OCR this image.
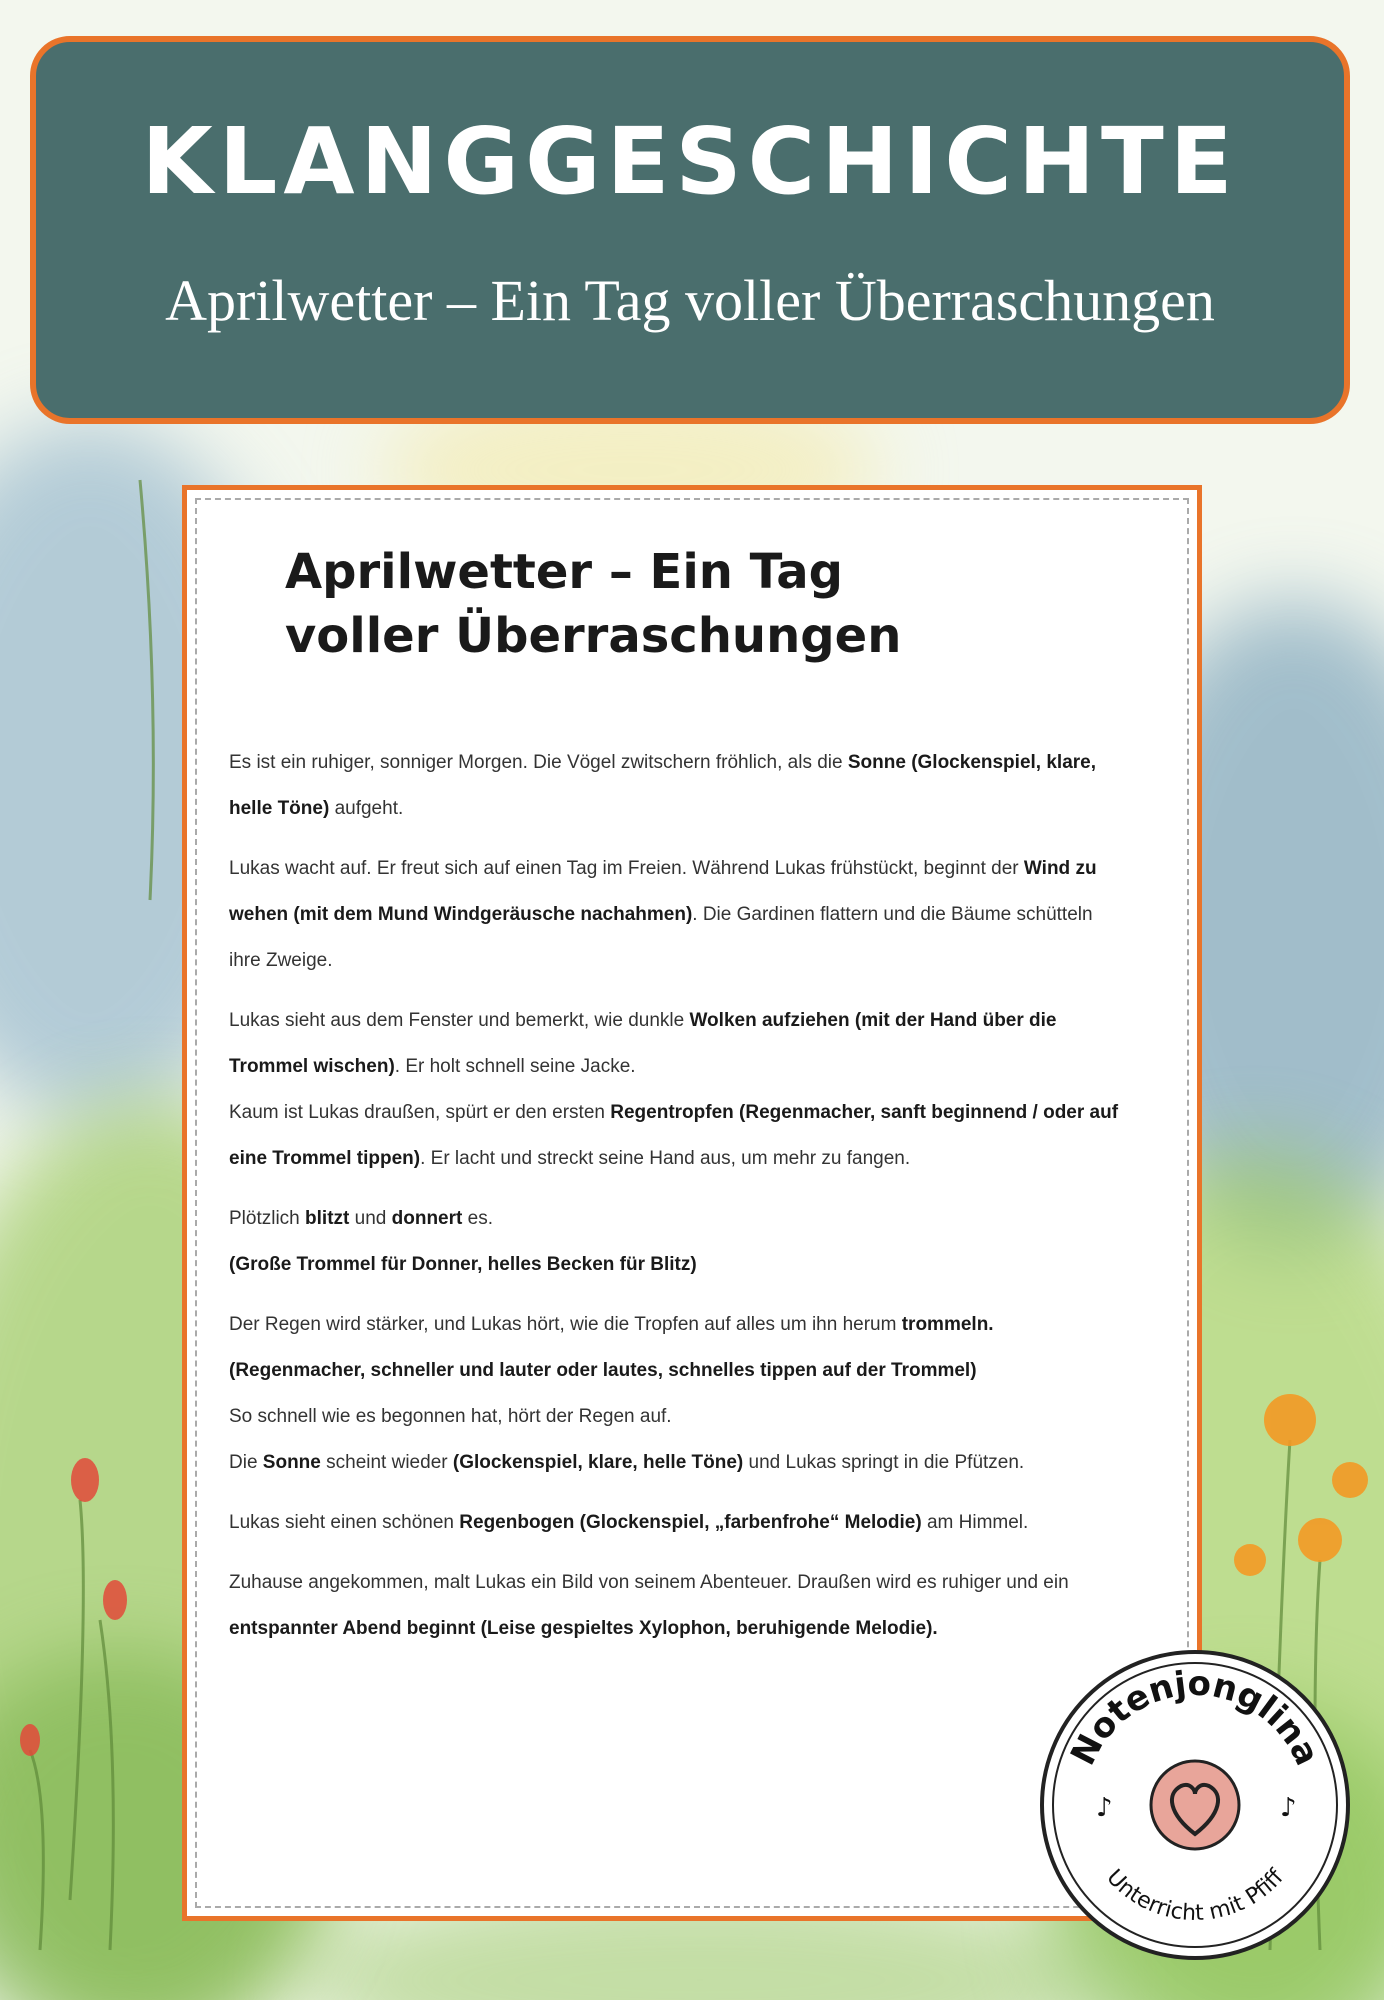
KLANGGESCHICHTE
Aprilwetter – Ein Tag voller Überraschungen
Aprilwetter – Ein Tag
voller Überraschungen

Es ist ein ruhiger, sonniger Morgen. Die Vögel zwitschern fröhlich, als die Sonne (Glockenspiel, klare, helle Töne) aufgeht.

Lukas wacht auf. Er freut sich auf einen Tag im Freien. Während Lukas frühstückt, beginnt der Wind zu wehen (mit dem Mund Windgeräusche nachahmen). Die Gardinen flattern und die Bäume schütteln ihre Zweige.

Lukas sieht aus dem Fenster und bemerkt, wie dunkle Wolken aufziehen (mit der Hand über die Trommel wischen). Er holt schnell seine Jacke.

Kaum ist Lukas draußen, spürt er den ersten Regentropfen (Regenmacher, sanft beginnend / oder auf eine Trommel tippen). Er lacht und streckt seine Hand aus, um mehr zu fangen.

Plötzlich blitzt und donnert es.
(Große Trommel für Donner, helles Becken für Blitz)

Der Regen wird stärker, und Lukas hört, wie die Tropfen auf alles um ihn herum trommeln.
(Regenmacher, schneller und lauter oder lautes, schnelles tippen auf der Trommel)
So schnell wie es begonnen hat, hört der Regen auf.
Die Sonne scheint wieder (Glockenspiel, klare, helle Töne) und Lukas springt in die Pfützen.

Lukas sieht einen schönen Regenbogen (Glockenspiel, „farbenfrohe“ Melodie) am Himmel.

Zuhause angekommen, malt Lukas ein Bild von seinem Abenteuer. Draußen wird es ruhiger und ein entspannter Abend beginnt (Leise gespieltes Xylophon, beruhigende Melodie).

Notenjonglina
Unterricht mit Pfiff
♪	♪
